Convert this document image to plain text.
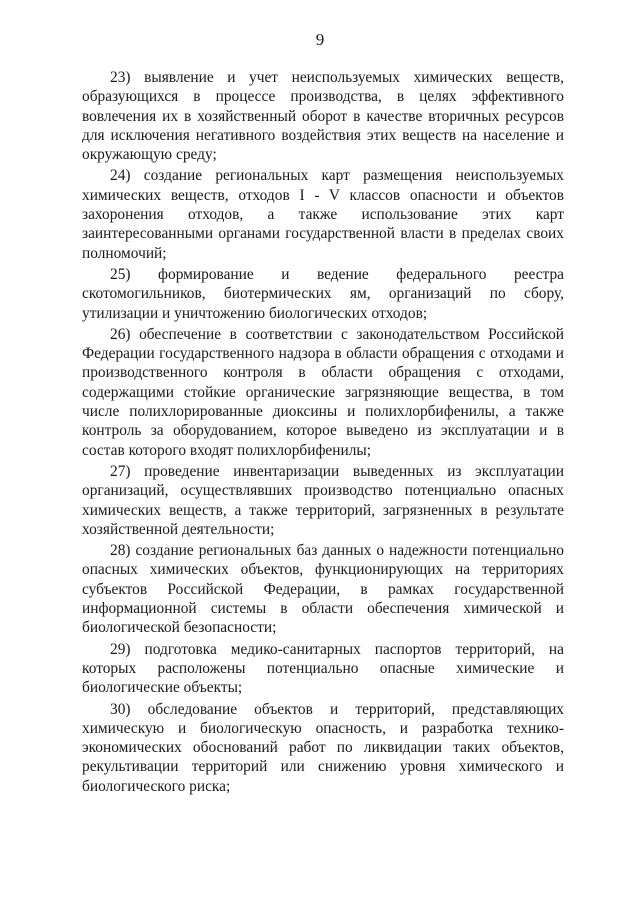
9

23) выявление и учет неиспользуемых химических веществ, образующихся в процессе производства, в целях эффективного вовлечения их в хозяйственный оборот в качестве вторичных ресурсов для исключения негативного воздействия этих веществ на население и окружающую среду;

24) создание региональных карт размещения неиспользуемых химических веществ, отходов I - V классов опасности и объектов захоронения отходов, а также использование этих карт заинтересованными органами государственной власти в пределах своих полномочий;

25) формирование и ведение федерального реестра скотомогильников, биотермических ям, организаций по сбору, утилизации и уничтожению биологических отходов;

26) обеспечение в соответствии с законодательством Российской Федерации государственного надзора в области обращения с отходами и производственного контроля в области обращения с отходами, содержащими стойкие органические загрязняющие вещества, в том числе полихлорированные диоксины и полихлорбифенилы, а также контроль за оборудованием, которое выведено из эксплуатации и в состав которого входят полихлорбифенилы;

27) проведение инвентаризации выведенных из эксплуатации организаций, осуществлявших производство потенциально опасных химических веществ, а также территорий, загрязненных в результате хозяйственной деятельности;

28) создание региональных баз данных о надежности потенциально опасных химических объектов, функционирующих на территориях субъектов Российской Федерации, в рамках государственной информационной системы в области обеспечения химической и биологической безопасности;

29) подготовка медико-санитарных паспортов территорий, на которых расположены потенциально опасные химические и биологические объекты;

30) обследование объектов и территорий, представляющих химическую и биологическую опасность, и разработка технико-экономических обоснований работ по ликвидации таких объектов, рекультивации территорий или снижению уровня химического и биологического риска;
